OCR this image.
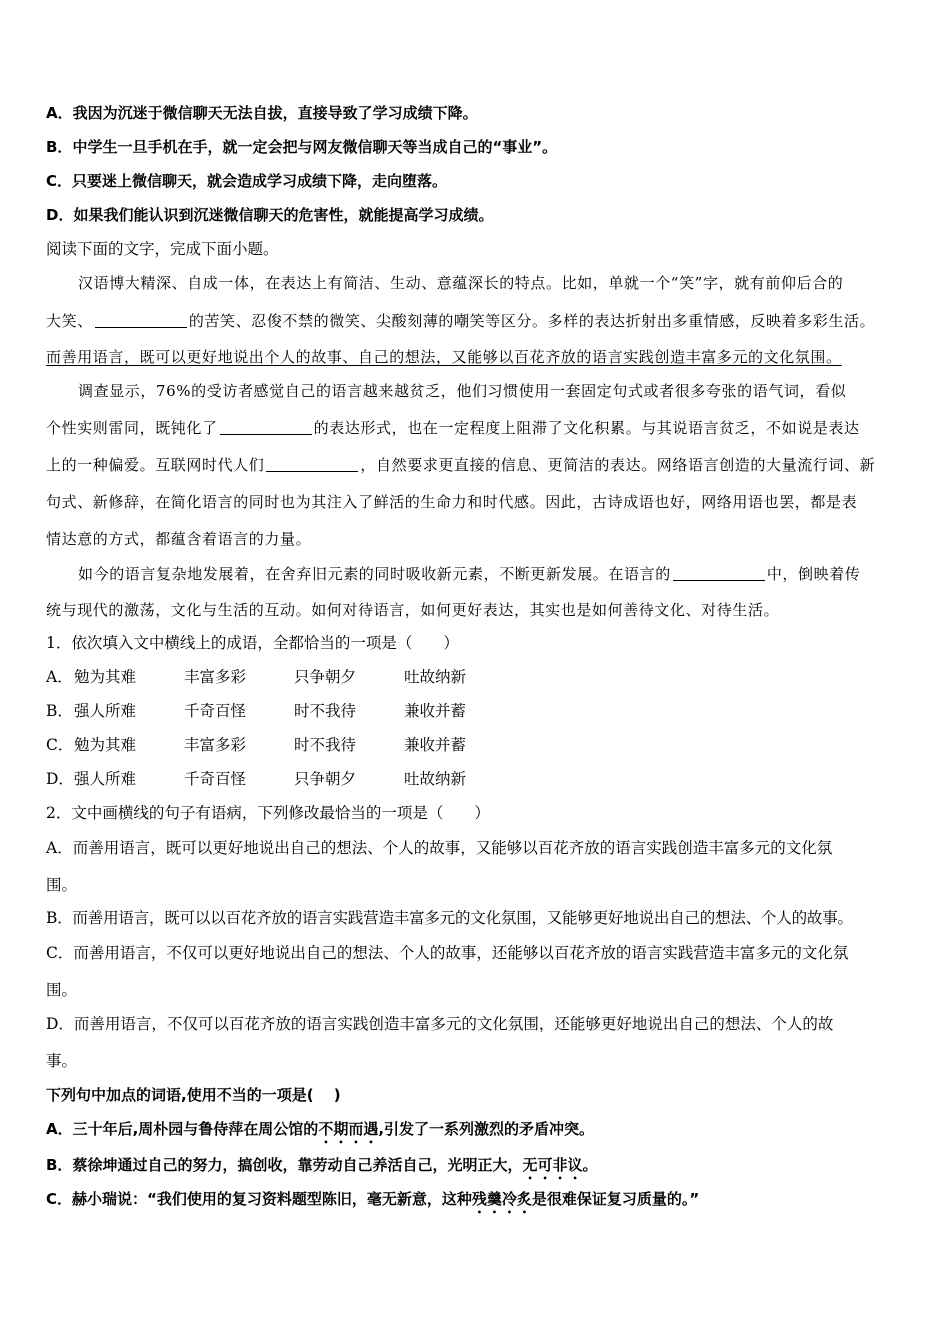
A．我因为沉迷于微信聊天无法自拔，直接导致了学习成绩下降。
B．中学生一旦手机在手，就一定会把与网友微信聊天等当成自己的“事业”。
C．只要迷上微信聊天，就会造成学习成绩下降，走向堕落。
D．如果我们能认识到沉迷微信聊天的危害性，就能提高学习成绩。
阅读下面的文字，完成下面小题。
汉语博大精深、自成一体，在表达上有简洁、生动、意蕴深长的特点。比如，单就一个“笑”字，就有前仰后合的
大笑、	的苦笑、忍俊不禁的微笑、尖酸刻薄的嘲笑等区分。多样的表达折射出多重情感，反映着多彩生活。
而善用语言，既可以更好地说出个人的故事、自己的想法，又能够以百花齐放的语言实践创造丰富多元的文化氛围。
调查显示，76%的受访者感觉自己的语言越来越贫乏，他们习惯使用一套固定句式或者很多夸张的语气词，看似
个性实则雷同，既钝化了	的表达形式，也在一定程度上阻滞了文化积累。与其说语言贫乏，不如说是表达
上的一种偏爱。互联网时代人们	，自然要求更直接的信息、更简洁的表达。网络语言创造的大量流行词、新
句式、新修辞，在简化语言的同时也为其注入了鲜活的生命力和时代感。因此，古诗成语也好，网络用语也罢，都是表
情达意的方式，都蕴含着语言的力量。
如今的语言复杂地发展着，在舍弃旧元素的同时吸收新元素，不断更新发展。在语言的	中，倒映着传
统与现代的激荡，文化与生活的互动。如何对待语言，如何更好表达，其实也是如何善待文化、对待生活。
1．依次填入文中横线上的成语，全都恰当的一项是（　　）
A．勉为其难	丰富多彩	只争朝夕	吐故纳新
B．强人所难	千奇百怪	时不我待	兼收并蓄
C．勉为其难	丰富多彩	时不我待	兼收并蓄
D．强人所难	千奇百怪	只争朝夕	吐故纳新
2．文中画横线的句子有语病，下列修改最恰当的一项是（　　）
A．而善用语言，既可以更好地说出自己的想法、个人的故事，又能够以百花齐放的语言实践创造丰富多元的文化氛
围。
B．而善用语言，既可以以百花齐放的语言实践营造丰富多元的文化氛围，又能够更好地说出自己的想法、个人的故事。
C．而善用语言，不仅可以更好地说出自己的想法、个人的故事，还能够以百花齐放的语言实践营造丰富多元的文化氛
围。
D．而善用语言，不仅可以百花齐放的语言实践创造丰富多元的文化氛围，还能够更好地说出自己的想法、个人的故
事。
下列句中加点的词语,使用不当的一项是(　 )
A．三十年后,周朴园与鲁侍萍在周公馆的不期而遇,引发了一系列激烈的矛盾冲突。
B．蔡徐坤通过自己的努力，搞创收，靠劳动自己养活自己，光明正大，无可非议。
C．赫小瑞说：“我们使用的复习资料题型陈旧，毫无新意，这种残羹冷炙是很难保证复习质量的。”
